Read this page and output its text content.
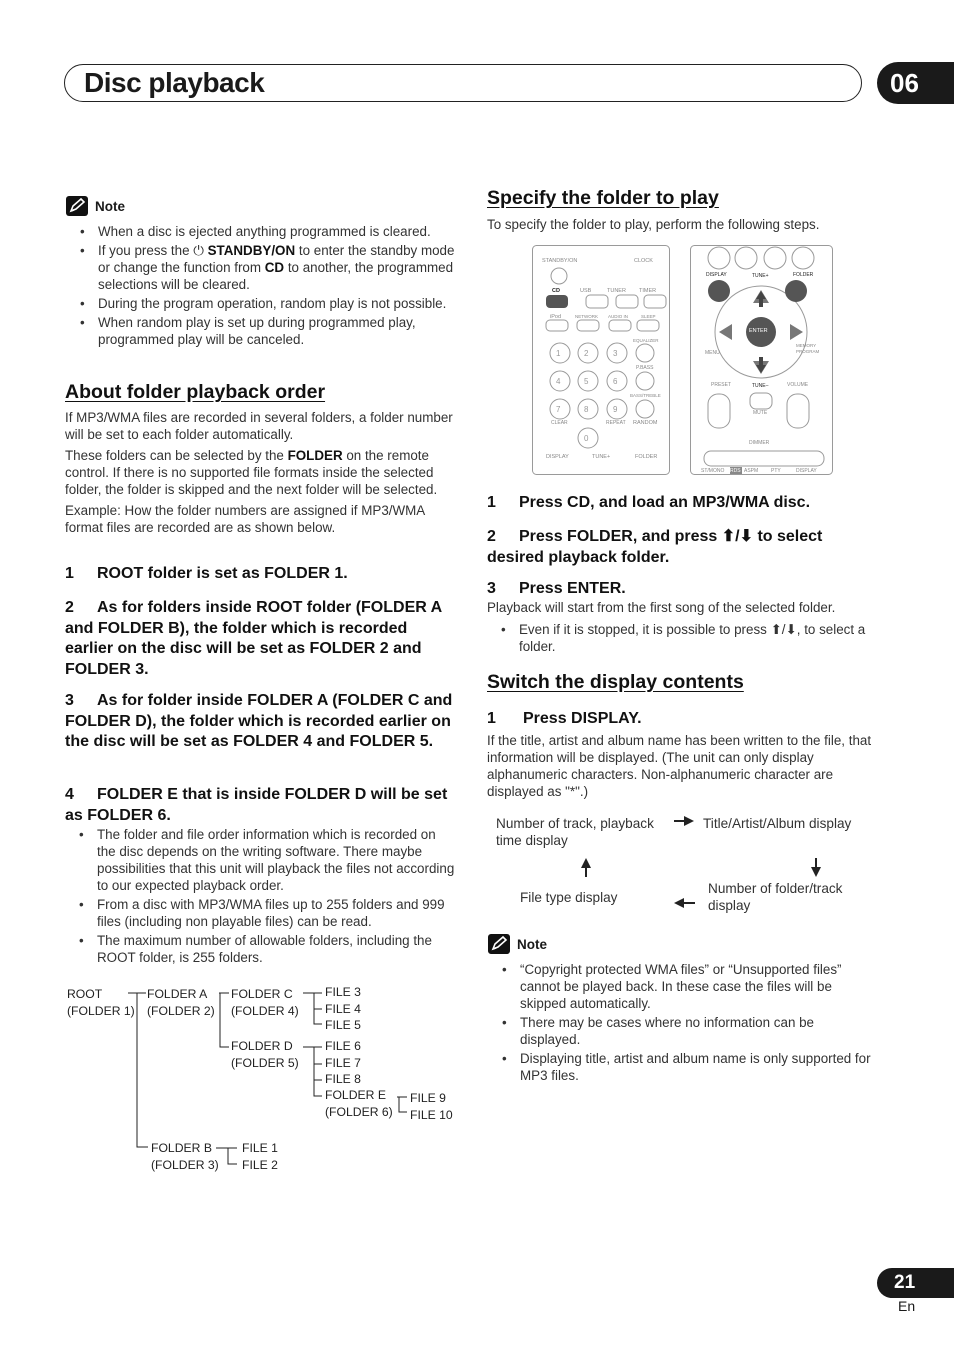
Disc playback	06
Note
• When a disc is ejected anything programmed is cleared.
• If you press the ⏻ STANDBY/ON to enter the standby mode or change the function from CD to another, the programmed selections will be cleared.
• During the program operation, random play is not possible.
• When random play is set up during programmed play, programmed play will be canceled.
About folder playback order
If MP3/WMA files are recorded in several folders, a folder number will be set to each folder automatically.
These folders can be selected by the FOLDER on the remote control. If there is no supported file formats inside the selected folder, the folder is skipped and the next folder will be selected.
Example: How the folder numbers are assigned if MP3/WMA format files are recorded are as shown below.
1 ROOT folder is set as FOLDER 1.
2 As for folders inside ROOT folder (FOLDER A and FOLDER B), the folder which is recorded earlier on the disc will be set as FOLDER 2 and FOLDER 3.
3 As for folder inside FOLDER A (FOLDER C and FOLDER D), the folder which is recorded earlier on the disc will be set as FOLDER 4 and FOLDER 5.
4 FOLDER E that is inside FOLDER D will be set as FOLDER 6.
• The folder and file order information which is recorded on the disc depends on the writing software. There maybe possibilities that this unit will playback the files not according to our expected playback order.
• From a disc with MP3/WMA files up to 255 folders and 999 files (including non playable files) can be read.
• The maximum number of allowable folders, including the ROOT folder, is 255 folders.
ROOT
(FOLDER 1)
FOLDER A
(FOLDER 2)
FOLDER C
(FOLDER 4)
FILE 3
FILE 4
FILE 5
FOLDER D
(FOLDER 5)
FILE 6
FILE 7
FILE 8
FOLDER E
(FOLDER 6)
FILE 9
FILE 10
FOLDER B
(FOLDER 3)
FILE 1
FILE 2
Specify the folder to play
To specify the folder to play, perform the following steps.
STANDBY/ON	CLOCK
CD	USB	TUNER TIMER
iPod	NETWORK AUDIO IN	SLEEP
EQUALIZER
P.BASS
BASS/TREBLE
CLEAR	REPEAT RANDOM
DISPLAY	TUNE+	FOLDER
1	2	3
4	5	6
7	8	9
0
DISPLAY	TUNE+	FOLDER
ENTER
MENU
MEMORY
PROGRAM
PRESET	TUNE–	VOLUME
MUTE
DIMMER
ST/MONO RDS ASPM	PTY	DISPLAY
1 Press CD, and load an MP3/WMA disc.
2 Press FOLDER, and press ⬆/⬇ to select desired playback folder.
3 Press ENTER.
Playback will start from the first song of the selected folder.
• Even if it is stopped, it is possible to press ⬆/⬇, to select a folder.
Switch the display contents
1 Press DISPLAY.
If the title, artist and album name has been written to the file, that information will be displayed. (The unit can only display alphanumeric characters. Non-alphanumeric character are displayed as "*".)
Number of track, playback time display
Title/Artist/Album display
File type display
Number of folder/track display
Note
• “Copyright protected WMA files” or “Unsupported files” cannot be played back. In these case the files will be skipped automatically.
• There may be cases where no information can be displayed.
• Displaying title, artist and album name is only supported for MP3 files.
21
En
